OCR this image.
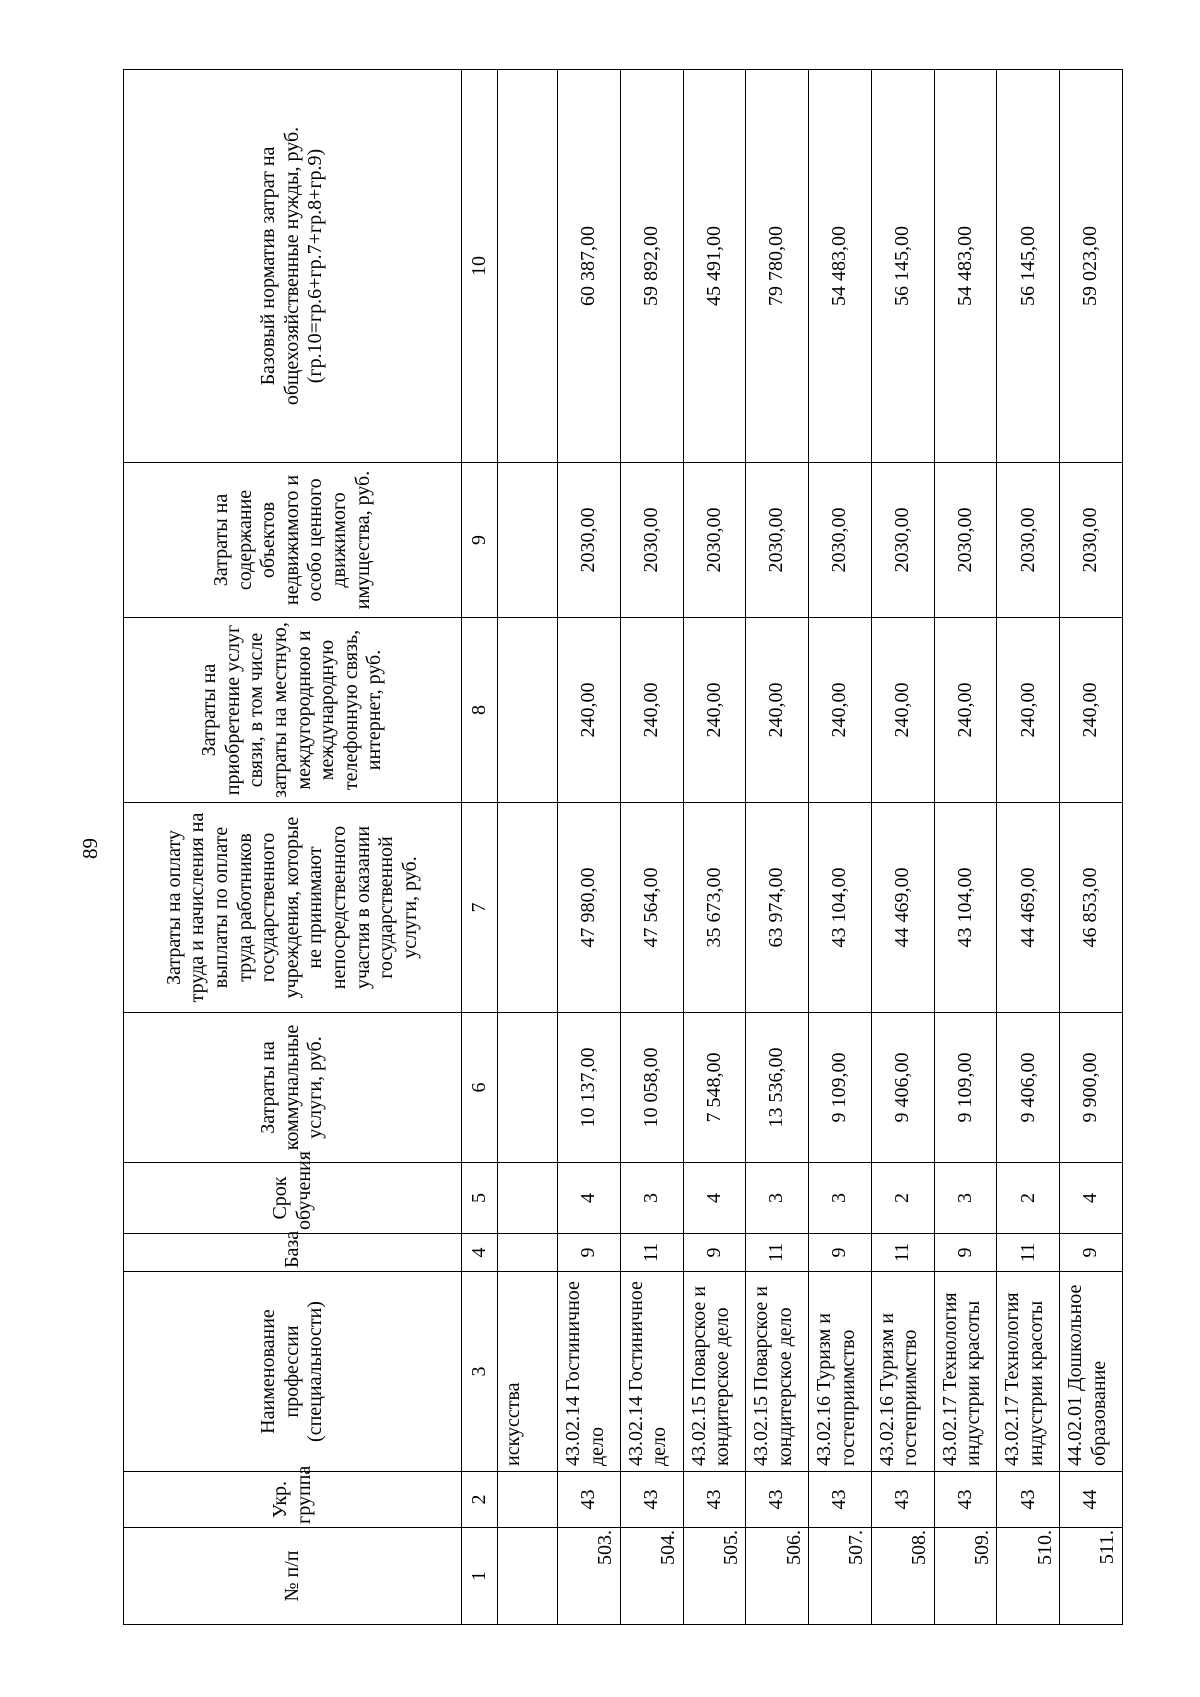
89
№ п/п	Укр. группа	Наименование профессии (специальности)	База	Срок обучения	Затраты на коммунальные услуги, руб.	Затраты на оплату труда и начисления на выплаты по оплате труда работников государственного учреждения, которые не принимают непосредственного участия в оказании государственной услуги, руб.	Затраты на приобретение услуг связи, в том числе затраты на местную, междугороднюю и международную телефонную связь, интернет, руб.	Затраты на содержание объектов недвижимого и особо ценного движимого имущества, руб.	Базовый норматив затрат на общехозяйственные нужды, руб. (гр.10=гр.6+гр.7+гр.8+гр.9)
1	2	3	4	5	6	7	8	9	10
		искусства							
503.	43	43.02.14 Гостиничное дело	9	4	10 137,00	47 980,00	240,00	2030,00	60 387,00
504.	43	43.02.14 Гостиничное дело	11	3	10 058,00	47 564,00	240,00	2030,00	59 892,00
505.	43	43.02.15 Поварское и кондитерское дело	9	4	7 548,00	35 673,00	240,00	2030,00	45 491,00
506.	43	43.02.15 Поварское и кондитерское дело	11	3	13 536,00	63 974,00	240,00	2030,00	79 780,00
507.	43	43.02.16 Туризм и гостеприимство	9	3	9 109,00	43 104,00	240,00	2030,00	54 483,00
508.	43	43.02.16 Туризм и гостеприимство	11	2	9 406,00	44 469,00	240,00	2030,00	56 145,00
509.	43	43.02.17 Технология индустрии красоты	9	3	9 109,00	43 104,00	240,00	2030,00	54 483,00
510.	43	43.02.17 Технология индустрии красоты	11	2	9 406,00	44 469,00	240,00	2030,00	56 145,00
511.	44	44.02.01 Дошкольное образование	9	4	9 900,00	46 853,00	240,00	2030,00	59 023,00
